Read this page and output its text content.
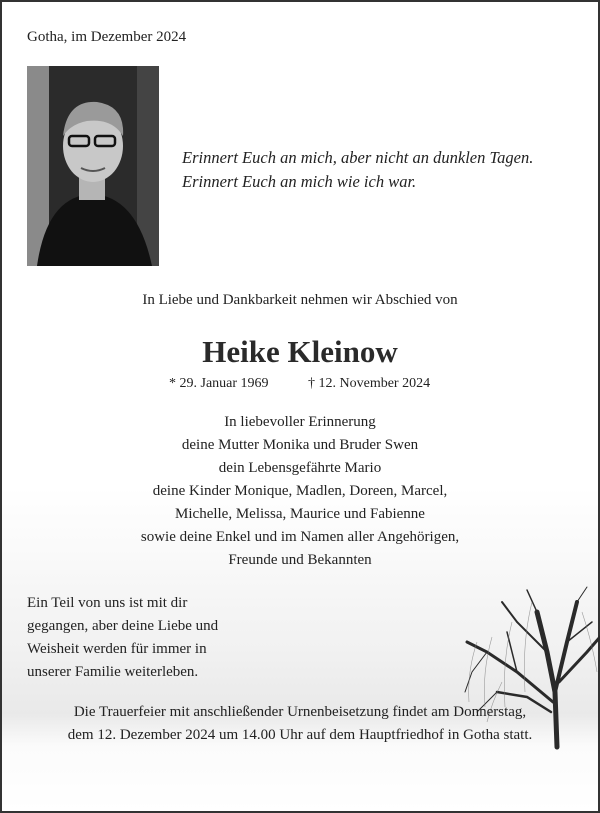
Gotha, im Dezember 2024
Erinnert Euch an mich, aber nicht an dunklen Tagen.
Erinnert Euch an mich wie ich war.
In Liebe und Dankbarkeit nehmen wir Abschied von
Heike Kleinow
* 29. Januar 1969	† 12. November 2024
In liebevoller Erinnerung
deine Mutter Monika und Bruder Swen
dein Lebensgefährte Mario
deine Kinder Monique, Madlen, Doreen, Marcel,
Michelle, Melissa, Maurice und Fabienne
sowie deine Enkel und im Namen aller Angehörigen,
Freunde und Bekannten
Ein Teil von uns ist mit dir
gegangen, aber deine Liebe und
Weisheit werden für immer in
unserer Familie weiterleben.
Die Trauerfeier mit anschließender Urnenbeisetzung findet am Donnerstag,
dem 12. Dezember 2024 um 14.00 Uhr auf dem Hauptfriedhof in Gotha statt.
